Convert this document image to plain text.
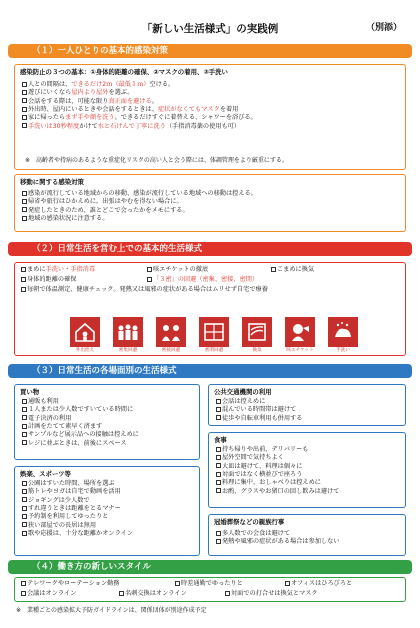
「新しい生活様式」の実践例	（別添）
（１）一人ひとりの基本的感染対策
感染防止の３つの基本：①身体的距離の確保、②マスクの着用、③手洗い
人との間隔は、できるだけ2ｍ（最低１ｍ）空ける。
遊びにいくなら屋内より屋外を選ぶ。
会話をする際は、可能な限り真正面を避ける。
外出時、屋内にいるときや会話をするときは、症状がなくてもマスクを着用
家に帰ったらまず手や顔を洗う。できるだけすぐに着替える、シャワーを浴びる。
手洗いは30秒程度かけて水と石けんで丁寧に洗う（手指消毒薬の使用も可）
※　高齢者や持病のあるような重症化リスクの高い人と会う際には、体調管理をより厳重にする。
移動に関する感染対策
感染が流行している地域からの移動、感染が流行している地域への移動は控える。
帰省や旅行はひかえめに。出張はやむを得ない場合に。
発症したときのため、誰とどこで会ったかをメモにする。
地域の感染状況に注意する。
（２）日常生活を営む上での基本的生活様式
まめに手洗い・手指消毒	咳エチケットの徹底	こまめに換気
身体的距離の確保	「３密」の回避（密集、密接、密閉）
毎朝で体温測定、健康チェック。発熱又は風邪の症状がある場合はムリせず自宅で療養
外出控え	密集回避	密接回避	密閉回避	換気	咳エチケット	手洗い
（３）日常生活の各場面別の生活様式
買い物
通販も利用
１人または少人数ですいている時間に
電子決済の利用
計画をたてて素早く済ます
サンプルなど展示品への接触は控えめに
レジに並ぶときは、前後にスペース
娯楽、スポーツ等
公園はすいた時間、場所を選ぶ
筋トレやヨガは自宅で動画を活用
ジョギングは少人数で
すれ違うときは距離をとるマナー
予約制を利用してゆったりと
狭い部屋での長居は無用
歌や応援は、十分な距離かオンライン
公共交通機関の利用
会話は控えめに
混んでいる時間帯は避けて
徒歩や自転車利用も併用する
食事
持ち帰りや出前、デリバリーも
屋外空間で気持ちよく
大皿は避けて、料理は個々に
対面ではなく横並びで座ろう
料理に集中、おしゃべりは控えめに
お酌、グラスやお猪口の回し飲みは避けて
冠婚葬祭などの親族行事
多人数での会食は避けて
発熱や風邪の症状がある場合は参加しない
（４）働き方の新しいスタイル
テレワークやローテーション勤務	時差通勤でゆったりと	オフィスはひろびろと
会議はオンライン	名刺交換はオンライン	対面での打合せは換気とマスク
※　業種ごとの感染拡大予防ガイドラインは、関係団体が別途作成予定
